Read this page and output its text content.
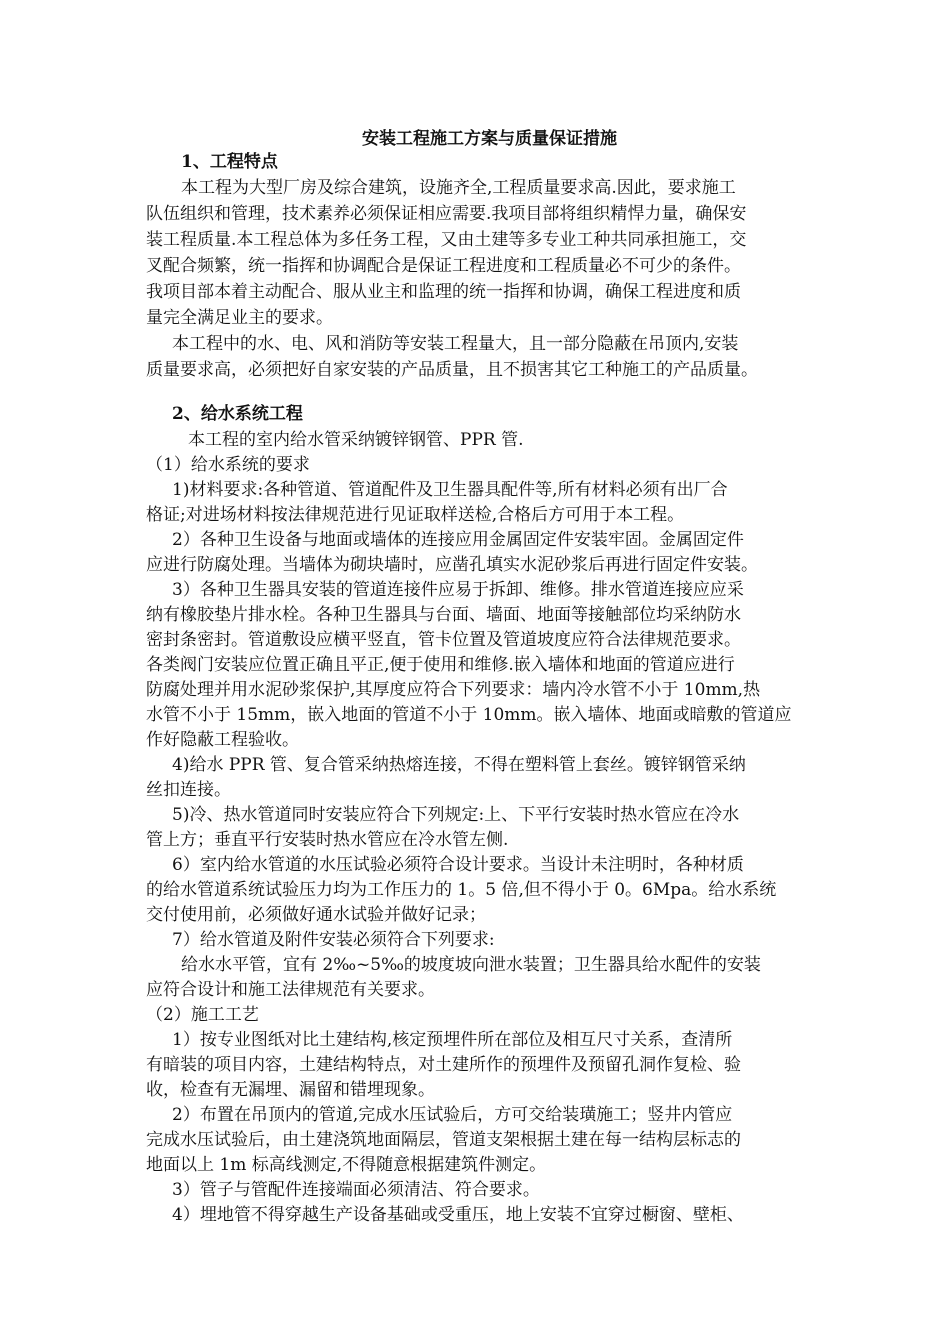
安装工程施工方案与质量保证措施
1、工程特点
本工程为大型厂房及综合建筑，设施齐全,工程质量要求高.因此，要求施工
队伍组织和管理，技术素养必须保证相应需要.我项目部将组织精悍力量，确保安
装工程质量.本工程总体为多任务工程，又由土建等多专业工种共同承担施工，交
叉配合频繁，统一指挥和协调配合是保证工程进度和工程质量必不可少的条件。
我项目部本着主动配合、服从业主和监理的统一指挥和协调，确保工程进度和质
量完全满足业主的要求。
本工程中的水、电、风和消防等安装工程量大，且一部分隐蔽在吊顶内,安装
质量要求高，必须把好自家安装的产品质量，且不损害其它工种施工的产品质量。
2、给水系统工程
本工程的室内给水管采纳镀锌钢管、PPR 管.
（1）给水系统的要求
1)材料要求:各种管道、管道配件及卫生器具配件等,所有材料必须有出厂合
格证;对进场材料按法律规范进行见证取样送检,合格后方可用于本工程。
2）各种卫生设备与地面或墙体的连接应用金属固定件安装牢固。金属固定件
应进行防腐处理。当墙体为砌块墙时，应凿孔填实水泥砂浆后再进行固定件安装。
3）各种卫生器具安装的管道连接件应易于拆卸、维修。排水管道连接应应采
纳有橡胶垫片排水栓。各种卫生器具与台面、墙面、地面等接触部位均采纳防水
密封条密封。管道敷设应横平竖直，管卡位置及管道坡度应符合法律规范要求。
各类阀门安装应位置正确且平正,便于使用和维修.嵌入墙体和地面的管道应进行
防腐处理并用水泥砂浆保护,其厚度应符合下列要求：墙内冷水管不小于 10mm,热
水管不小于 15mm，嵌入地面的管道不小于 10mm。嵌入墙体、地面或暗敷的管道应
作好隐蔽工程验收。
4)给水 PPR 管、复合管采纳热熔连接，不得在塑料管上套丝。镀锌钢管采纳
丝扣连接。
5)冷、热水管道同时安装应符合下列规定:上、下平行安装时热水管应在冷水
管上方；垂直平行安装时热水管应在冷水管左侧.
6）室内给水管道的水压试验必须符合设计要求。当设计未注明时，各种材质
的给水管道系统试验压力均为工作压力的 1。5 倍,但不得小于 0。6Mpa。给水系统
交付使用前，必须做好通水试验并做好记录；
7）给水管道及附件安装必须符合下列要求:
给水水平管，宜有 2‰~5‰的坡度坡向泄水装置；卫生器具给水配件的安装
应符合设计和施工法律规范有关要求。
（2）施工工艺
1）按专业图纸对比土建结构,核定预埋件所在部位及相互尺寸关系，查清所
有暗装的项目内容，土建结构特点，对土建所作的预埋件及预留孔洞作复检、验
收，检查有无漏埋、漏留和错埋现象。
2）布置在吊顶内的管道,完成水压试验后，方可交给装璜施工；竖井内管应
完成水压试验后，由土建浇筑地面隔层，管道支架根据土建在每一结构层标志的
地面以上 1m 标高线测定,不得随意根据建筑件测定。
3）管子与管配件连接端面必须清洁、符合要求。
4）埋地管不得穿越生产设备基础或受重压，地上安装不宜穿过橱窗、壁柜、
